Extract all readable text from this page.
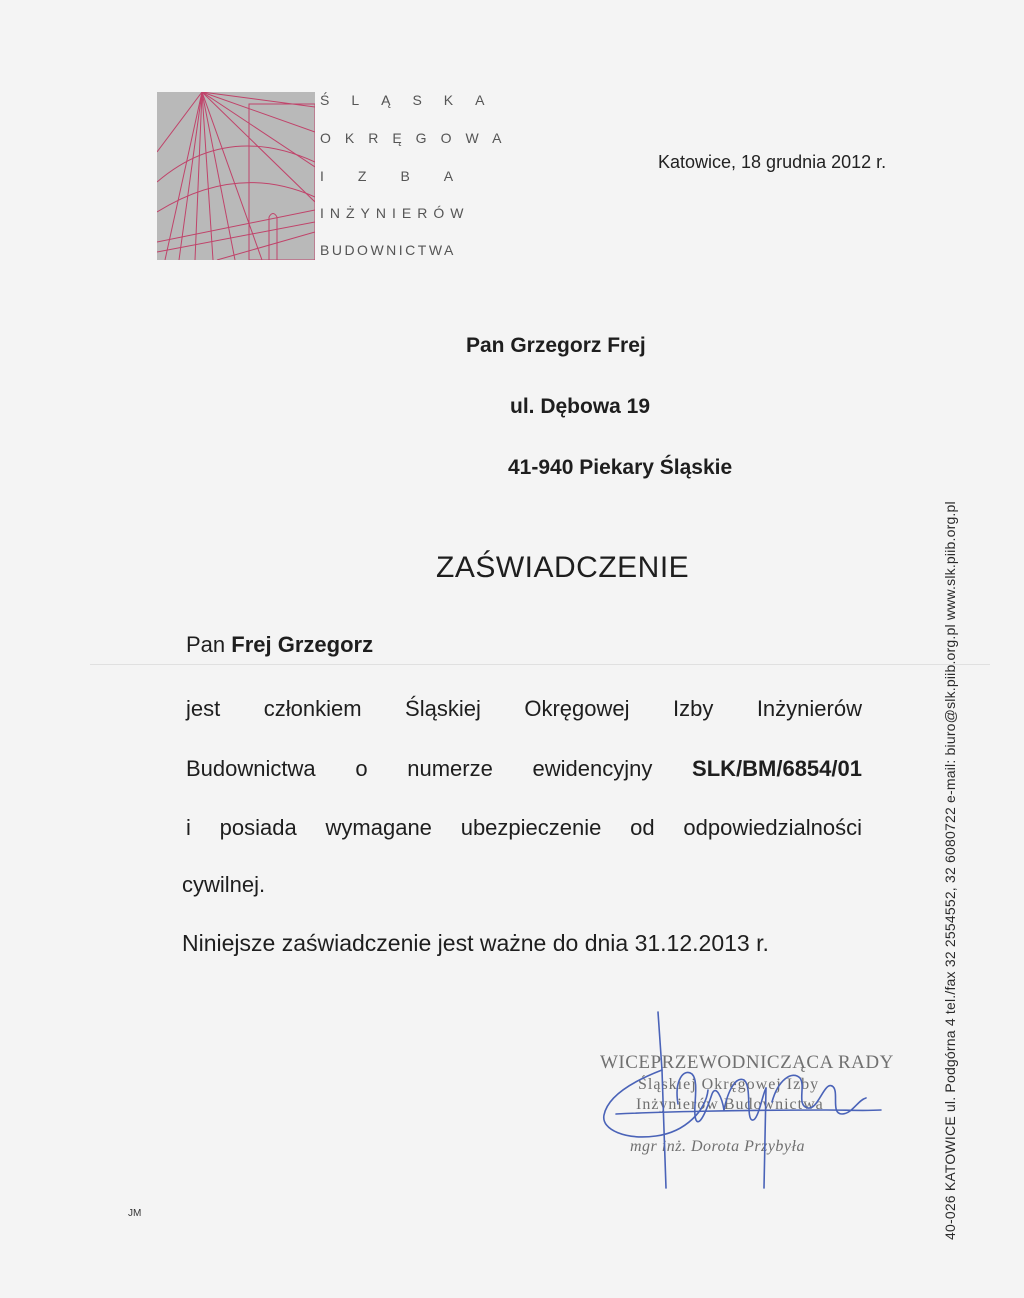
ŚLĄSKA
OKRĘGOWA
IZBA
INŻYNIERÓW
BUDOWNICTWA
Katowice, 18 grudnia 2012 r.
Pan Grzegorz Frej
ul. Dębowa 19
41-940 Piekary Śląskie
ZAŚWIADCZENIE
Pan Frej Grzegorz
jest członkiem Śląskiej Okręgowej Izby Inżynierów
Budownictwa o numerze ewidencyjny SLK/BM/6854/01
i posiada wymagane ubezpieczenie od odpowiedzialności
cywilnej.
Niniejsze zaświadczenie jest ważne do dnia 31.12.2013 r.
WICEPRZEWODNICZĄCA RADY
Śląskiej Okręgowej Izby
Inżynierów Budownictwa
mgr inż. Dorota Przybyła	40-026 KATOWICE ul. Podgórna 4 tel./fax 32 2554552, 32 6080722 e-mail: biuro@slk.piib.org.pl www.slk.piib.org.pl
JM
